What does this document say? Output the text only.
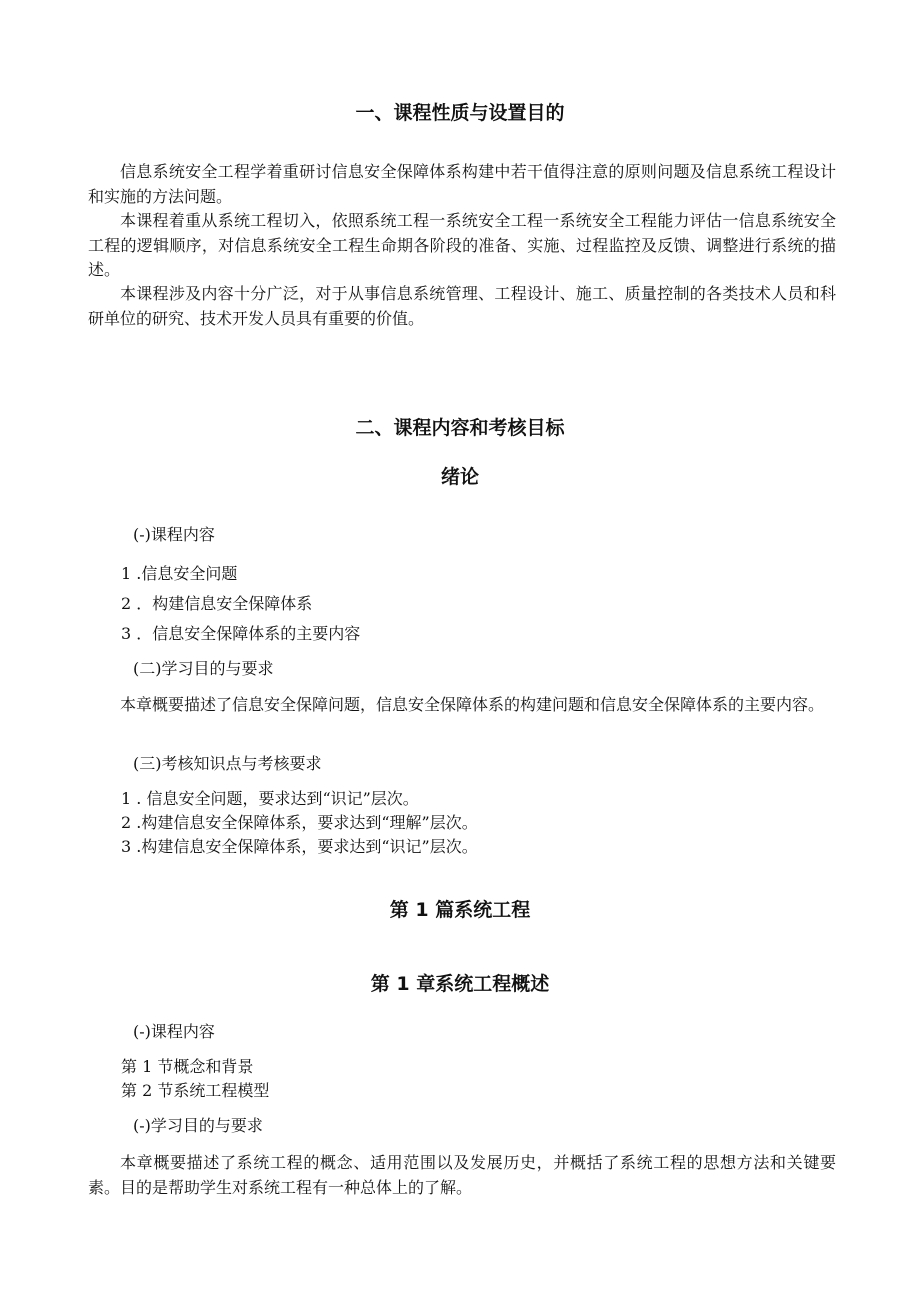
一、课程性质与设置目的

信息系统安全工程学着重研讨信息安全保障体系构建中若干值得注意的原则问题及信息系统工程设计和实施的方法问题。

本课程着重从系统工程切入，依照系统工程一系统安全工程一系统安全工程能力评估一信息系统安全工程的逻辑顺序，对信息系统安全工程生命期各阶段的准备、实施、过程监控及反馈、调整进行系统的描述。

本课程涉及内容十分广泛，对于从事信息系统管理、工程设计、施工、质量控制的各类技术人员和科研单位的研究、技术开发人员具有重要的价值。

二、课程内容和考核目标
绪论

(-)课程内容

1 .信息安全问题

2 ．构建信息安全保障体系

3 ．信息安全保障体系的主要内容

(二)学习目的与要求

本章概要描述了信息安全保障问题，信息安全保障体系的构建问题和信息安全保障体系的主要内容。

(三)考核知识点与考核要求

1 . 信息安全问题，要求达到“识记”层次。

2 .构建信息安全保障体系，要求达到“理解”层次。

3 .构建信息安全保障体系，要求达到“识记”层次。

第 1 篇系统工程
第 1 章系统工程概述

(-)课程内容

第 1 节概念和背景

第 2 节系统工程模型

(-)学习目的与要求

本章概要描述了系统工程的概念、适用范围以及发展历史，并概括了系统工程的思想方法和关键要素。目的是帮助学生对系统工程有一种总体上的了解。
